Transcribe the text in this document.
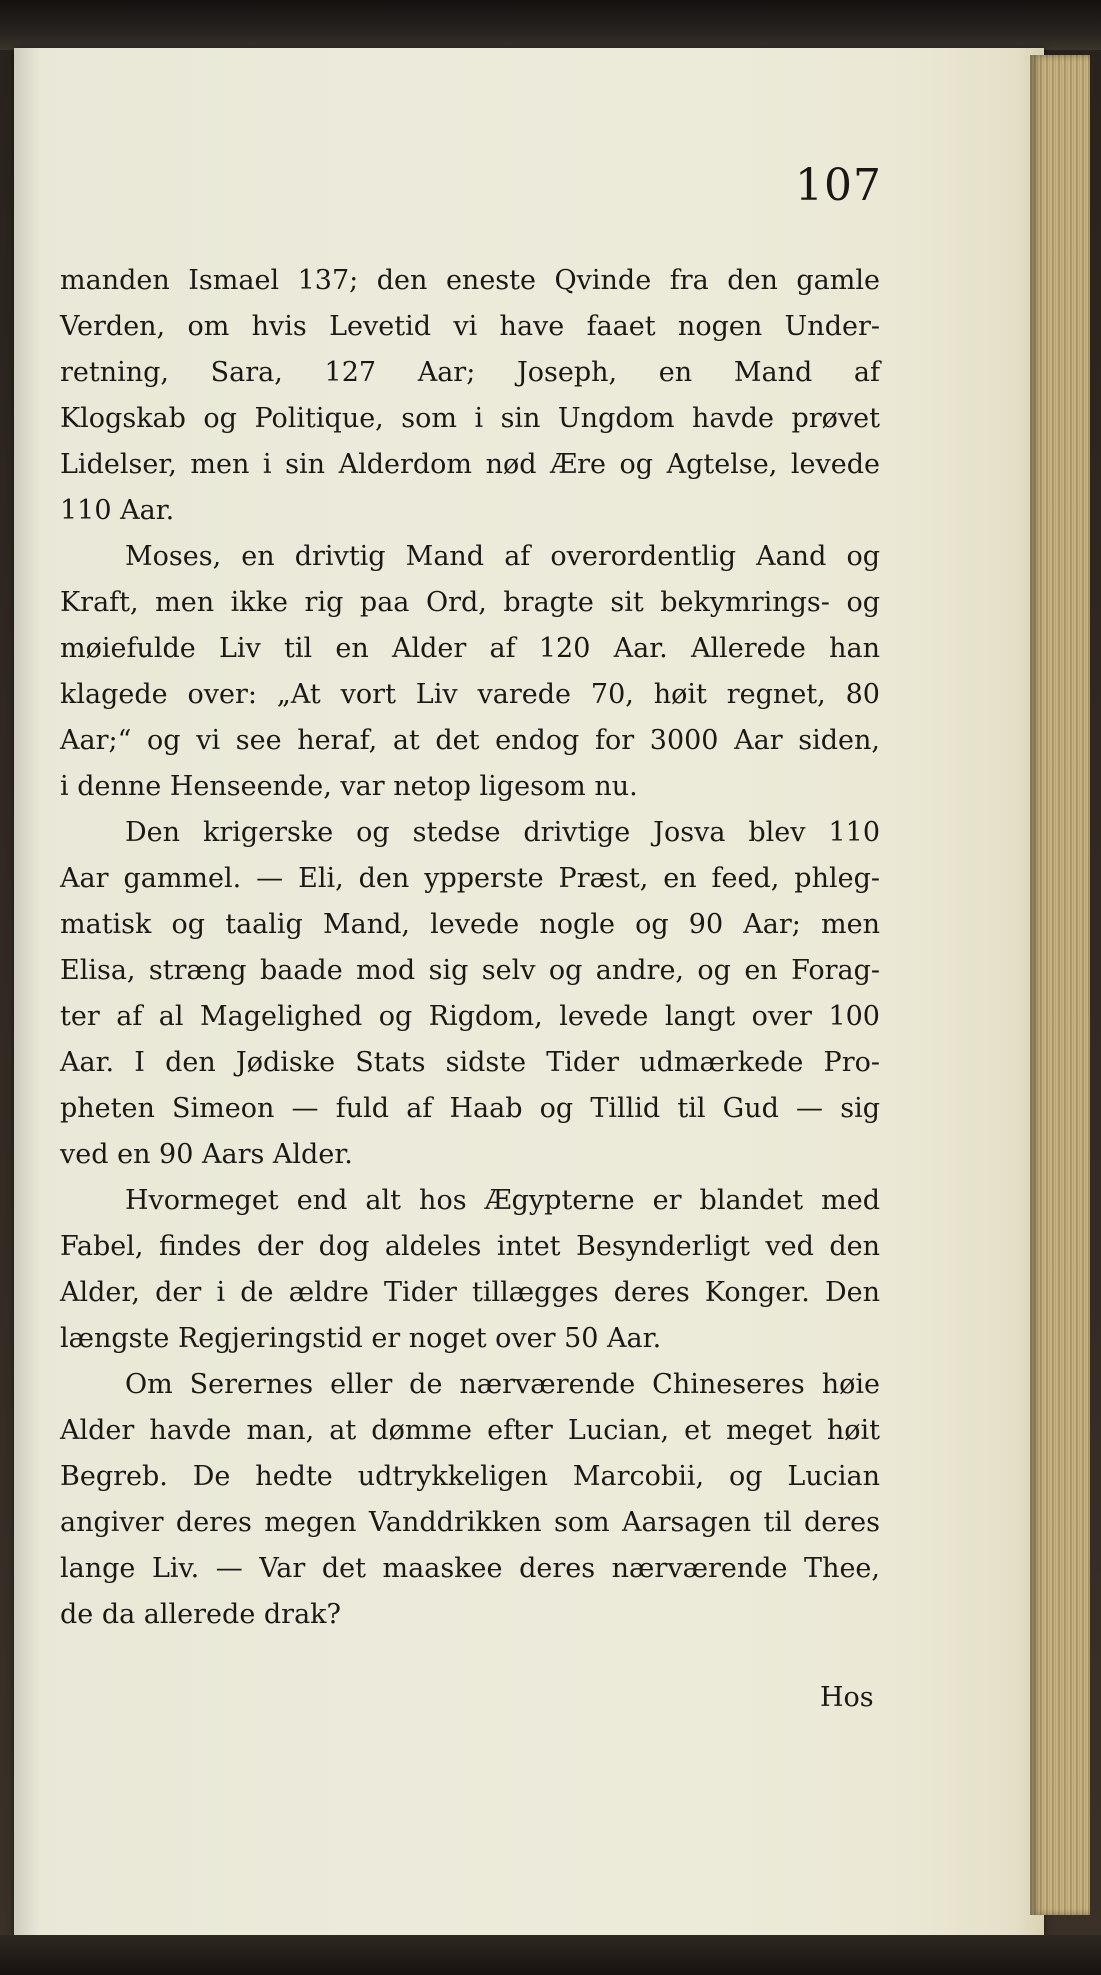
107
manden Ismael 137; den eneste Qvinde fra den gamle
Verden, om hvis Levetid vi have faaet nogen Under-
retning, Sara, 127 Aar; Joseph, en Mand af
Klogskab og Politique, som i sin Ungdom havde prøvet
Lidelser, men i sin Alderdom nød Ære og Agtelse, levede
110 Aar.
Moses, en drivtig Mand af overordentlig Aand og
Kraft, men ikke rig paa Ord, bragte sit bekymrings- og
møiefulde Liv til en Alder af 120 Aar. Allerede han
klagede over: „At vort Liv varede 70, høit regnet, 80
Aar;“ og vi see heraf, at det endog for 3000 Aar siden,
i denne Henseende, var netop ligesom nu.
Den krigerske og stedse drivtige Josva blev 110
Aar gammel. — Eli, den ypperste Præst, en feed, phleg-
matisk og taalig Mand, levede nogle og 90 Aar; men
Elisa, stræng baade mod sig selv og andre, og en Forag-
ter af al Magelighed og Rigdom, levede langt over 100
Aar. I den Jødiske Stats sidste Tider udmærkede Pro-
pheten Simeon — fuld af Haab og Tillid til Gud — sig
ved en 90 Aars Alder.
Hvormeget end alt hos Ægypterne er blandet med
Fabel, findes der dog aldeles intet Besynderligt ved den
Alder, der i de ældre Tider tillægges deres Konger. Den
længste Regjeringstid er noget over 50 Aar.
Om Serernes eller de nærværende Chineseres høie
Alder havde man, at dømme efter Lucian, et meget høit
Begreb. De hedte udtrykkeligen Marcobii, og Lucian
angiver deres megen Vanddrikken som Aarsagen til deres
lange Liv. — Var det maaskee deres nærværende Thee,
de da allerede drak?
Hos
